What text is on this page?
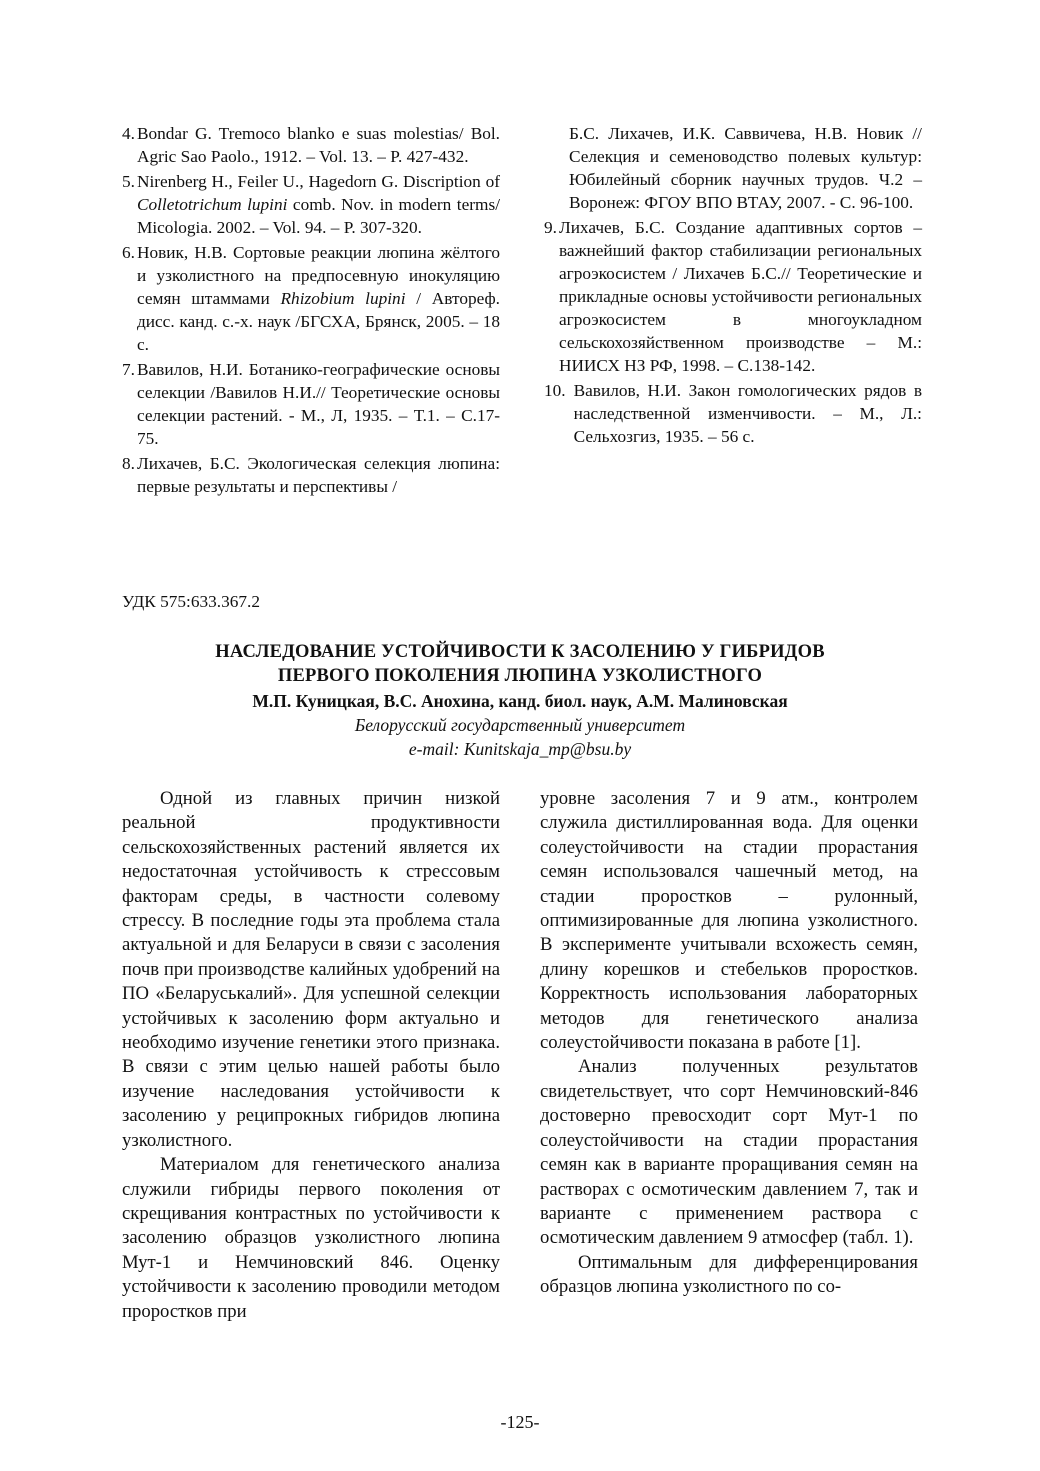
4. Bondar G. Tremoco blanko e suas molestias/ Bol. Agric Sao Paolo., 1912. – Vol. 13. – P. 427-432.
5. Nirenberg H., Feiler U., Hagedorn G. Discription of Colletotrichum lupini comb. Nov. in modern terms/ Micologia. 2002. – Vol. 94. – P. 307-320.
6. Новик, Н.В. Сортовые реакции люпина жёлтого и узколистного на предпосевную инокуляцию семян штаммами Rhizobium lupini / Автореф. дисс. канд. с.-х. наук /БГСХА, Брянск, 2005. – 18 с.
7. Вавилов, Н.И. Ботанико-географические основы селекции /Вавилов Н.И.// Теоретические основы селекции растений. - М., Л, 1935. – Т.1. – С.17-75.
8. Лихачев, Б.С. Экологическая селекция люпина: первые результаты и перспективы /
Б.С. Лихачев, И.К. Саввичева, Н.В. Новик //Селекция и семеноводство полевых культур: Юбилейный сборник научных трудов. Ч.2 – Воронеж: ФГОУ ВПО ВТАУ, 2007. - С. 96-100.
9. Лихачев, Б.С. Создание адаптивных сортов – важнейший фактор стабилизации региональных агроэкосистем / Лихачев Б.С.// Теоретические и прикладные основы устойчивости региональных агроэкосистем в многоукладном сельскохозяйственном производстве – М.: НИИСХ НЗ РФ, 1998. – С.138-142.
10. Вавилов, Н.И. Закон гомологических рядов в наследственной изменчивости. – М., Л.: Сельхозгиз, 1935. – 56 с.
УДК 575:633.367.2
НАСЛЕДОВАНИЕ УСТОЙЧИВОСТИ К ЗАСОЛЕНИЮ У ГИБРИДОВ
ПЕРВОГО ПОКОЛЕНИЯ ЛЮПИНА УЗКОЛИСТНОГО
М.П. Куницкая, В.С. Анохина, канд. биол. наук, А.М. Малиновская
Белорусский государственный университет
e-mail: Kunitskaja_mp@bsu.by

Одной из главных причин низкой реальной продуктивности сельскохозяйственных растений является их недостаточная устойчивость к стрессовым факторам среды, в частности солевому стрессу. В последние годы эта проблема стала актуальной и для Беларуси в связи с засоления почв при производстве калийных удобрений на ПО «Беларуськалий». Для успешной селекции устойчивых к засолению форм актуально и необходимо изучение генетики этого признака. В связи с этим целью нашей работы было изучение наследования устойчивости к засолению у реципрокных гибридов люпина узколистного.

Материалом для генетического анализа служили гибриды первого поколения от скрещивания контрастных по устойчивости к засолению образцов узколистного люпина Мут-1 и Немчиновский 846. Оценку устойчивости к засолению проводили методом проростков при

уровне засоления 7 и 9 атм., контролем служила дистиллированная вода. Для оценки солеустойчивости на стадии прорастания семян использовался чашечный метод, на стадии проростков – рулонный, оптимизированные для люпина узколистного. В эксперименте учитывали всхожесть семян, длину корешков и стебельков проростков. Корректность использования лабораторных методов для генетического анализа солеустойчивости показана в работе [1].

Анализ полученных результатов свидетельствует, что сорт Немчиновский-846 достоверно превосходит сорт Мут-1 по солеустойчивости на стадии прорастания семян как в варианте проращивания семян на растворах с осмотическим давлением 7, так и варианте с применением раствора с осмотическим давлением 9 атмосфер (табл. 1).

Оптимальным для дифференцирования образцов люпина узколистного по со-

-125-
